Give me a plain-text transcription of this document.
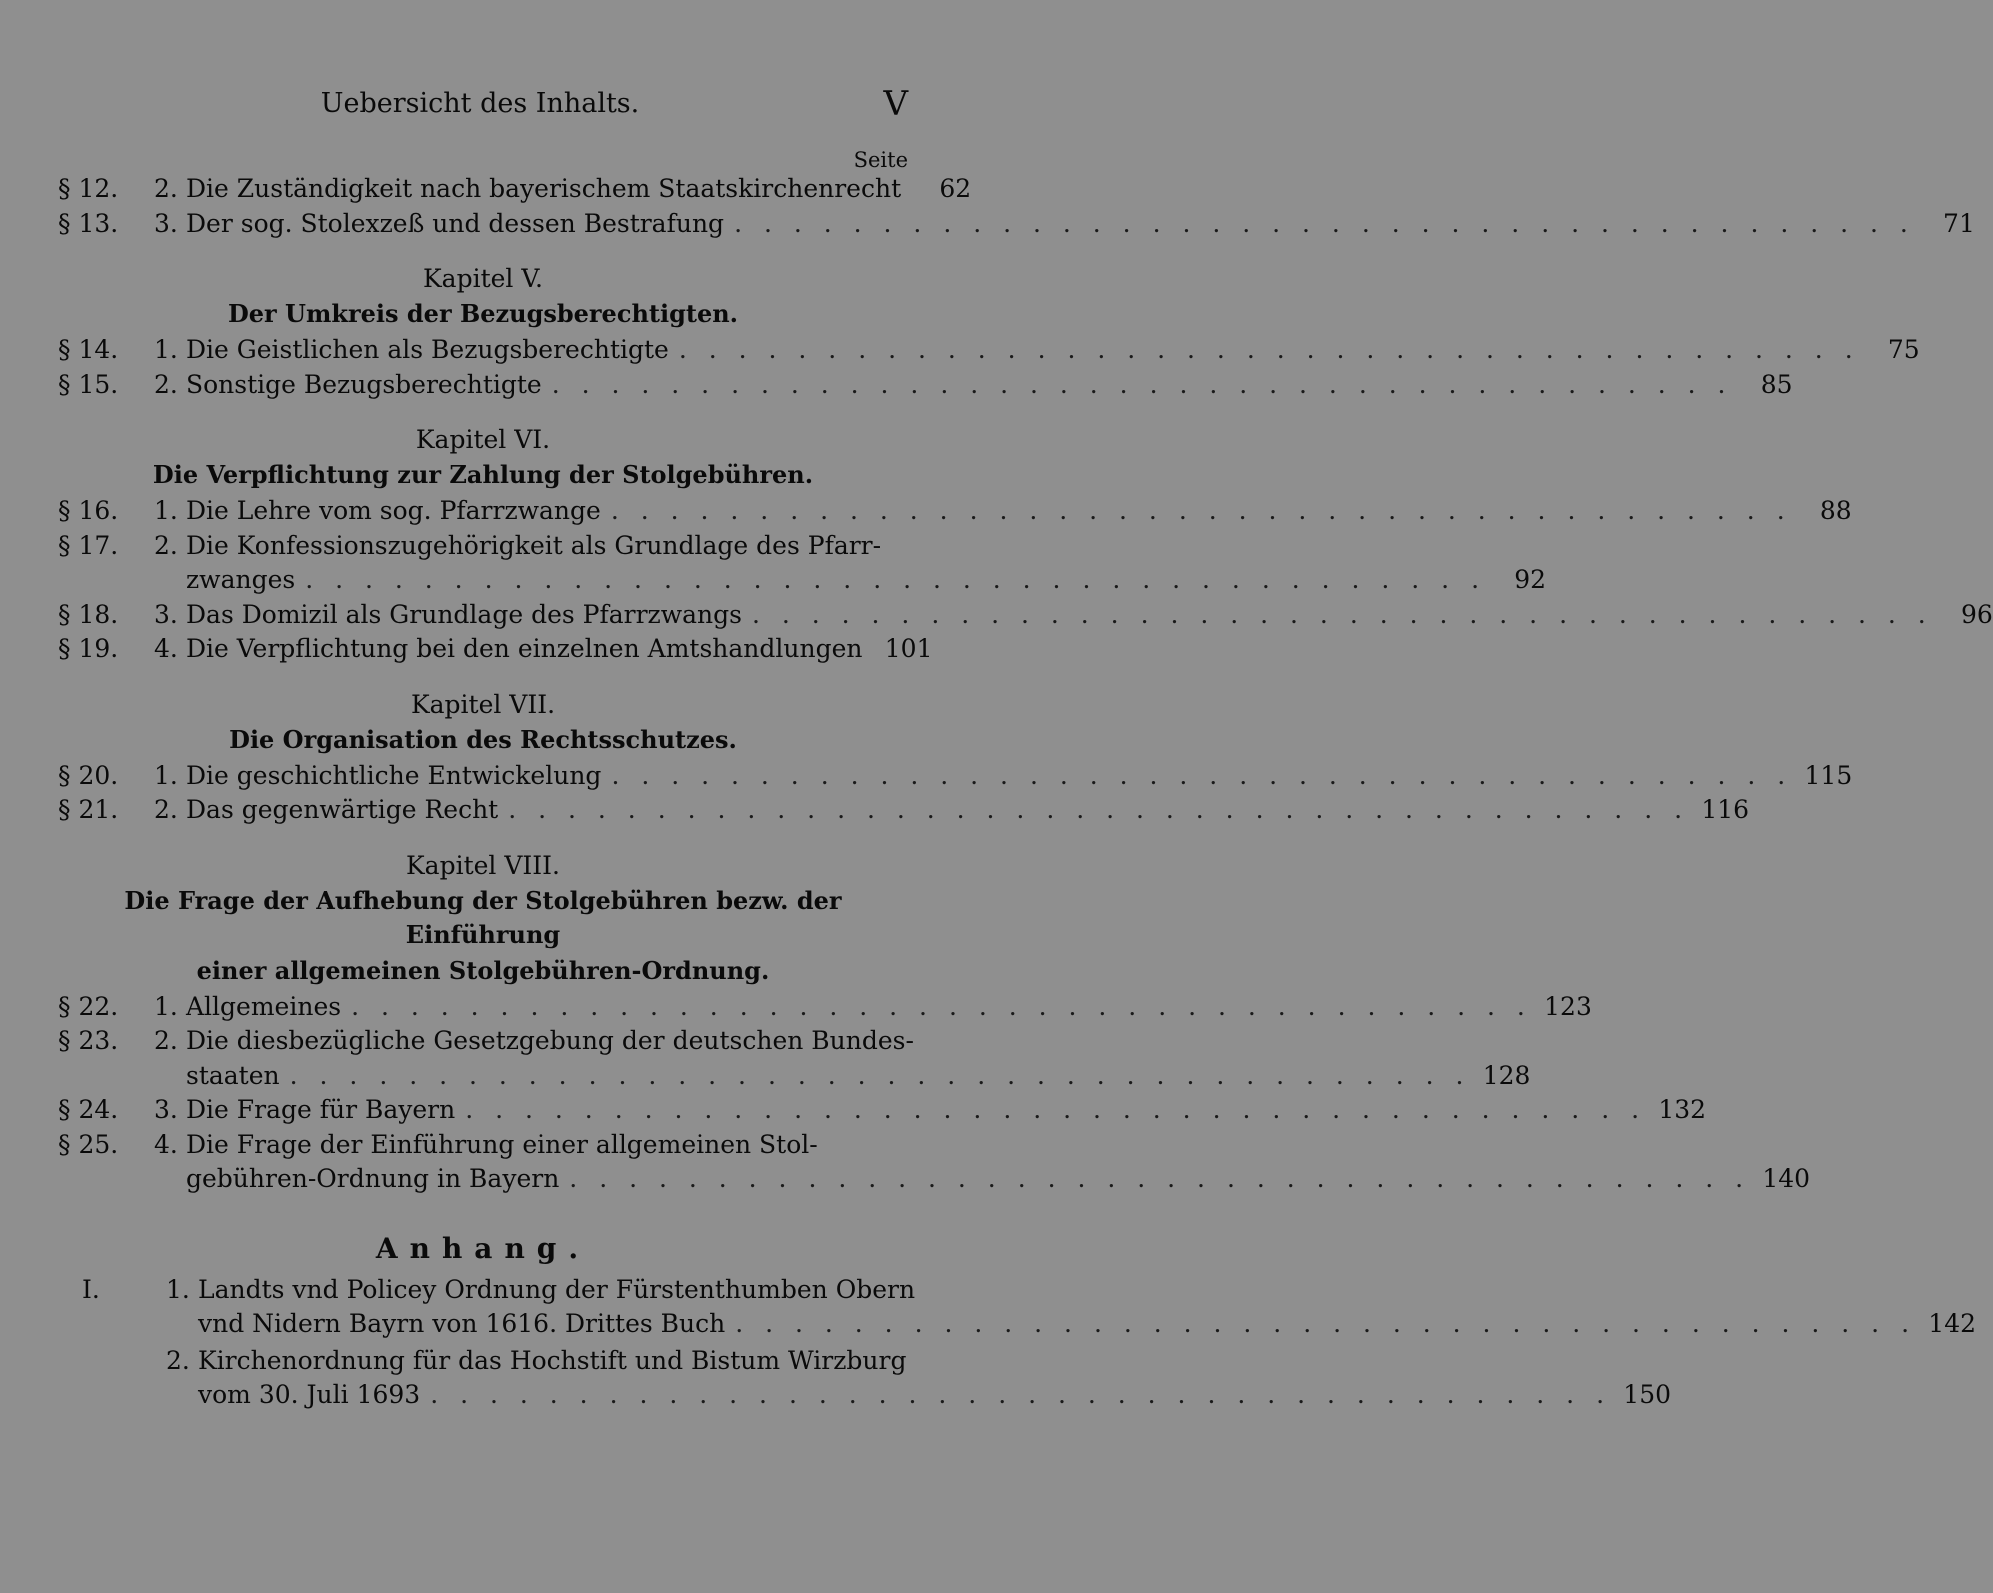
Uebersicht des Inhalts.	V
Seite
§ 12.	2. Die Zuständigkeit nach bayerischem Staatskirchenrecht	62
§ 13.	3. Der sog. Stolexzeß und dessen Bestrafung . . . . . . . . . . . . . . . . . . . . . . . . . . . . . . . . . . . . . . . .	71
Kapitel V.
Der Umkreis der Bezugsberechtigten.
§ 14.	1. Die Geistlichen als Bezugsberechtigte . . . . . . . . . . . . . . . . . . . . . . . . . . . . . . . . . . . . . . . .	75
§ 15.	2. Sonstige Bezugsberechtigte . . . . . . . . . . . . . . . . . . . . . . . . . . . . . . . . . . . . . . . .	85
Kapitel VI.
Die Verpflichtung zur Zahlung der Stolgebühren.
§ 16.	1. Die Lehre vom sog. Pfarrzwange . . . . . . . . . . . . . . . . . . . . . . . . . . . . . . . . . . . . . . . .	88
§ 17.	2. Die Konfessionszugehörigkeit als Grundlage des Pfarr-
zwanges . . . . . . . . . . . . . . . . . . . . . . . . . . . . . . . . . . . . . . . .	92
§ 18.	3. Das Domizil als Grundlage des Pfarrzwangs . . . . . . . . . . . . . . . . . . . . . . . . . . . . . . . . . . . . . . . .	96
§ 19.	4. Die Verpflichtung bei den einzelnen Amtshandlungen 101
Kapitel VII.
Die Organisation des Rechtsschutzes.
§ 20.	1. Die geschichtliche Entwickelung . . . . . . . . . . . . . . . . . . . . . . . . . . . . . . . . . . . . . . . . 115
§ 21.	2. Das gegenwärtige Recht . . . . . . . . . . . . . . . . . . . . . . . . . . . . . . . . . . . . . . . . 116
Kapitel VIII.
Die Frage der Aufhebung der Stolgebühren bezw. der Einführung
einer allgemeinen Stolgebühren-Ordnung.
§ 22.	1. Allgemeines . . . . . . . . . . . . . . . . . . . . . . . . . . . . . . . . . . . . . . . . 123
§ 23.	2. Die diesbezügliche Gesetzgebung der deutschen Bundes-
staaten . . . . . . . . . . . . . . . . . . . . . . . . . . . . . . . . . . . . . . . . 128
§ 24.	3. Die Frage für Bayern . . . . . . . . . . . . . . . . . . . . . . . . . . . . . . . . . . . . . . . . 132
§ 25.	4. Die Frage der Einführung einer allgemeinen Stol-
gebühren-Ordnung in Bayern . . . . . . . . . . . . . . . . . . . . . . . . . . . . . . . . . . . . . . . . 140
Anhang.
I.	1. Landts vnd Policey Ordnung der Fürstenthumben Obern
vnd Nidern Bayrn von 1616. Drittes Buch . . . . . . . . . . . . . . . . . . . . . . . . . . . . . . . . . . . . . . . . 142
2. Kirchenordnung für das Hochstift und Bistum Wirzburg
vom 30. Juli 1693 . . . . . . . . . . . . . . . . . . . . . . . . . . . . . . . . . . . . . . . . 150
